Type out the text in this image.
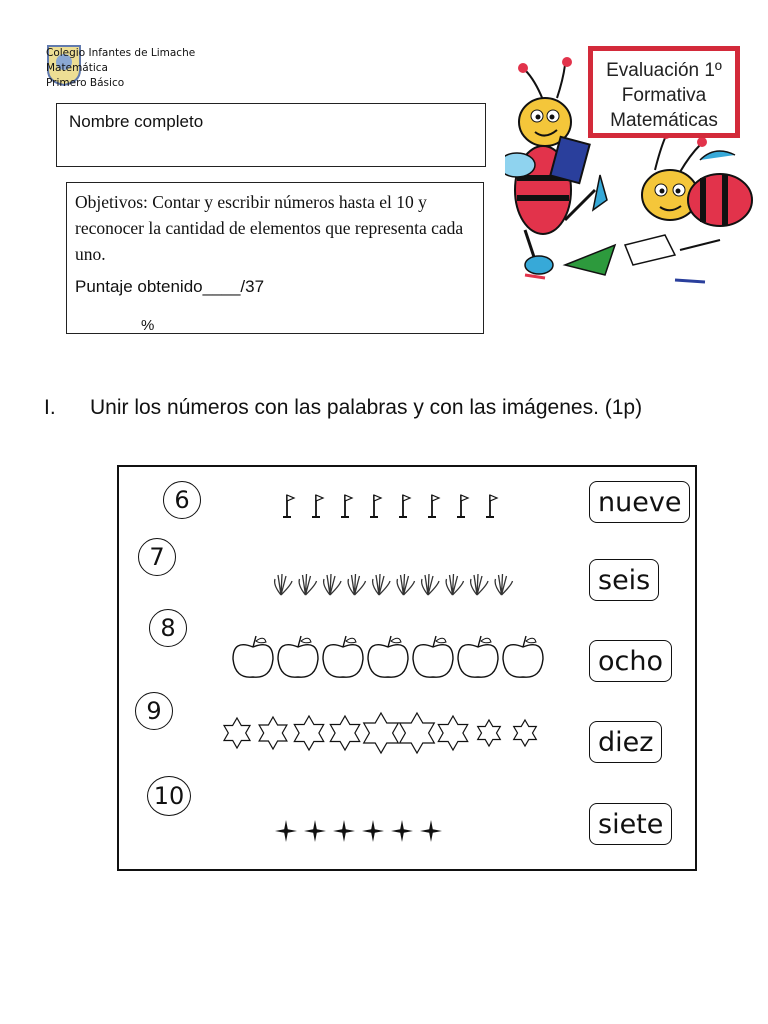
Colegio Infantes de Limache
Matemática
Primero Básico
Nombre completo
Objetivos: Contar y escribir números hasta el 10 y reconocer la cantidad de elementos que representa cada uno.
Puntaje obtenido____/37
%
Evaluación 1º
Formativa
Matemáticas
I. Unir los números con las palabras y con las imágenes. (1p)
6
7
8
9
10
nueve
seis
ocho
diez
siete
